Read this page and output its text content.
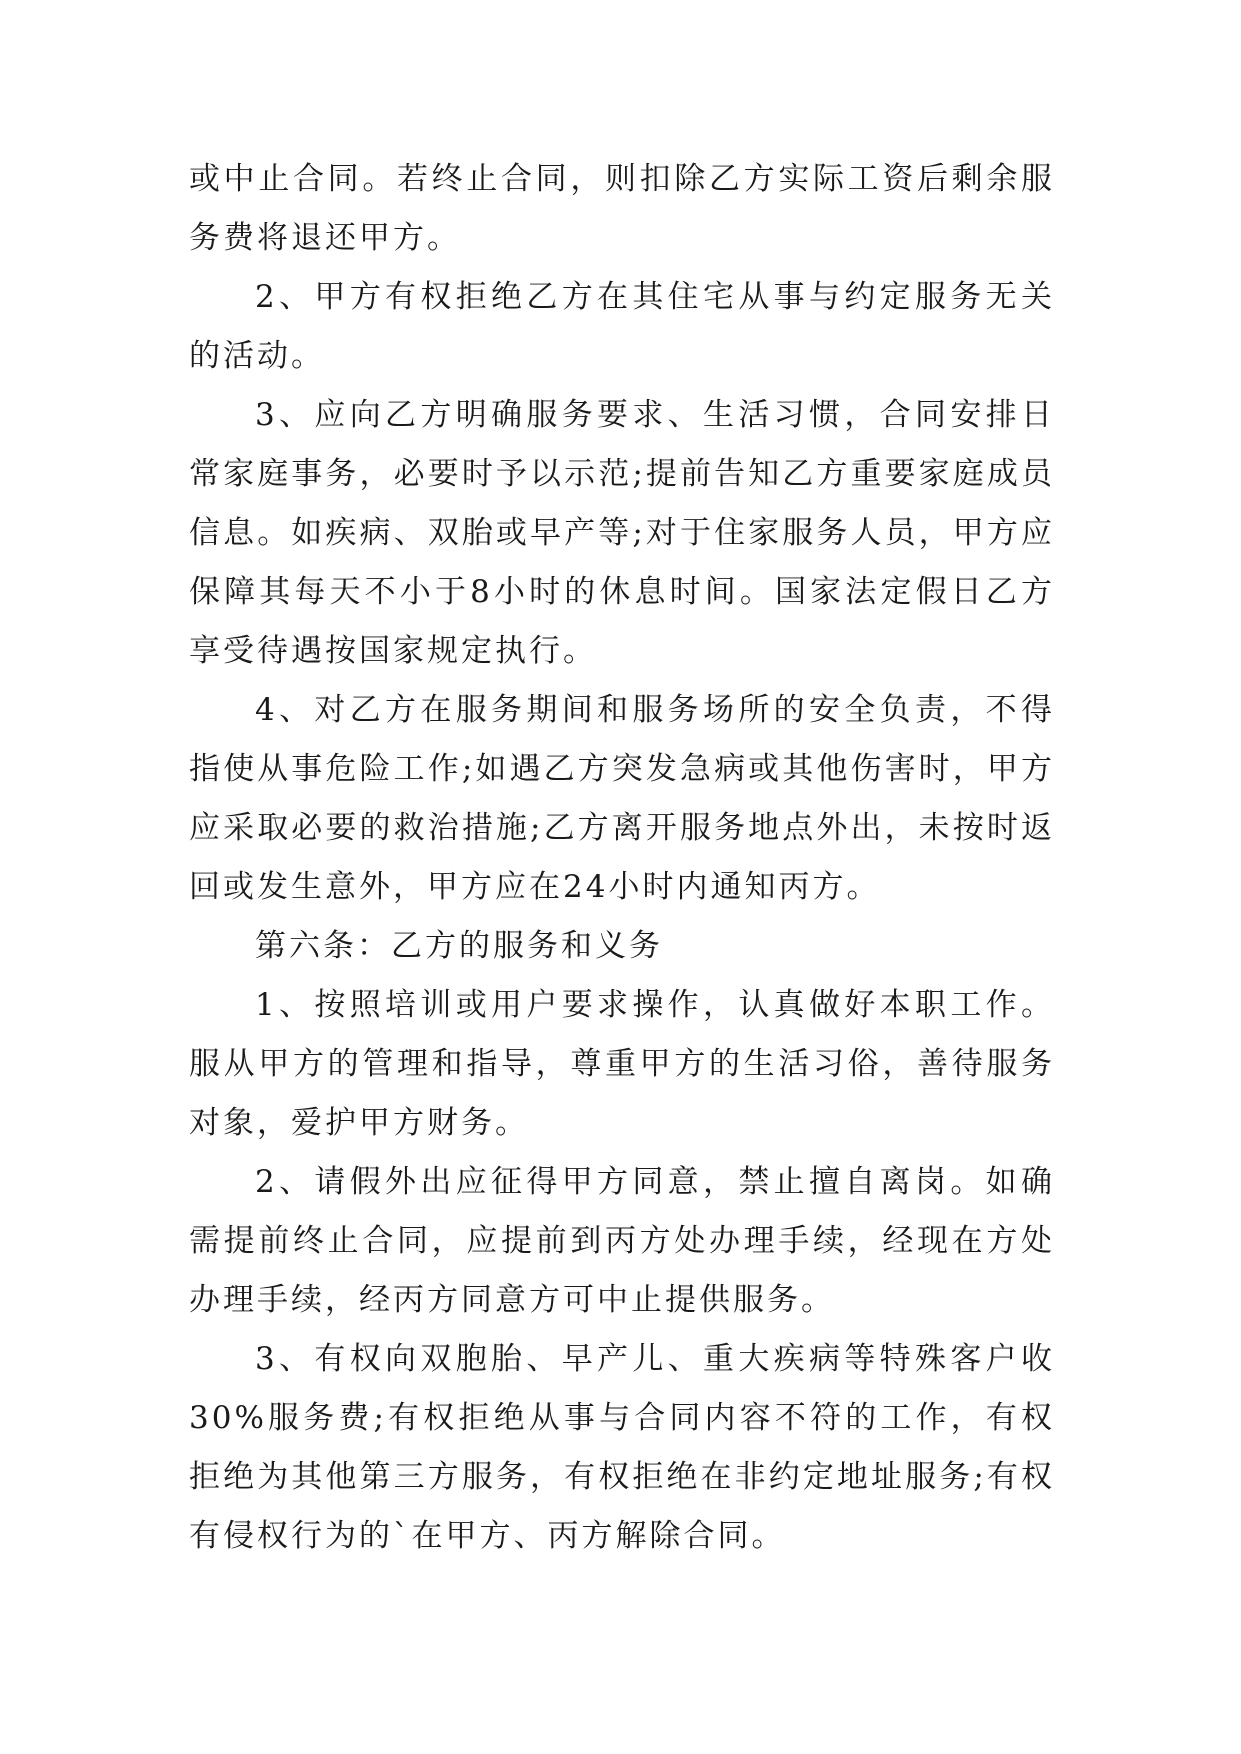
或中止合同。若终止合同，则扣除乙方实际工资后剩余服务费将退还甲方。

2、甲方有权拒绝乙方在其住宅从事与约定服务无关的活动。

3、应向乙方明确服务要求、生活习惯，合同安排日常家庭事务，必要时予以示范;提前告知乙方重要家庭成员信息。如疾病、双胎或早产等;对于住家服务人员，甲方应保障其每天不小于8小时的休息时间。国家法定假日乙方享受待遇按国家规定执行。

4、对乙方在服务期间和服务场所的安全负责，不得指使从事危险工作;如遇乙方突发急病或其他伤害时，甲方应采取必要的救治措施;乙方离开服务地点外出，未按时返回或发生意外，甲方应在24小时内通知丙方。

第六条：乙方的服务和义务

1、按照培训或用户要求操作，认真做好本职工作。服从甲方的管理和指导，尊重甲方的生活习俗，善待服务对象，爱护甲方财务。

2、请假外出应征得甲方同意，禁止擅自离岗。如确需提前终止合同，应提前到丙方处办理手续，经现在方处办理手续，经丙方同意方可中止提供服务。

3、有权向双胞胎、早产儿、重大疾病等特殊客户收30%服务费;有权拒绝从事与合同内容不符的工作，有权拒绝为其他第三方服务，有权拒绝在非约定地址服务;有权有侵权行为的`在甲方、丙方解除合同。
